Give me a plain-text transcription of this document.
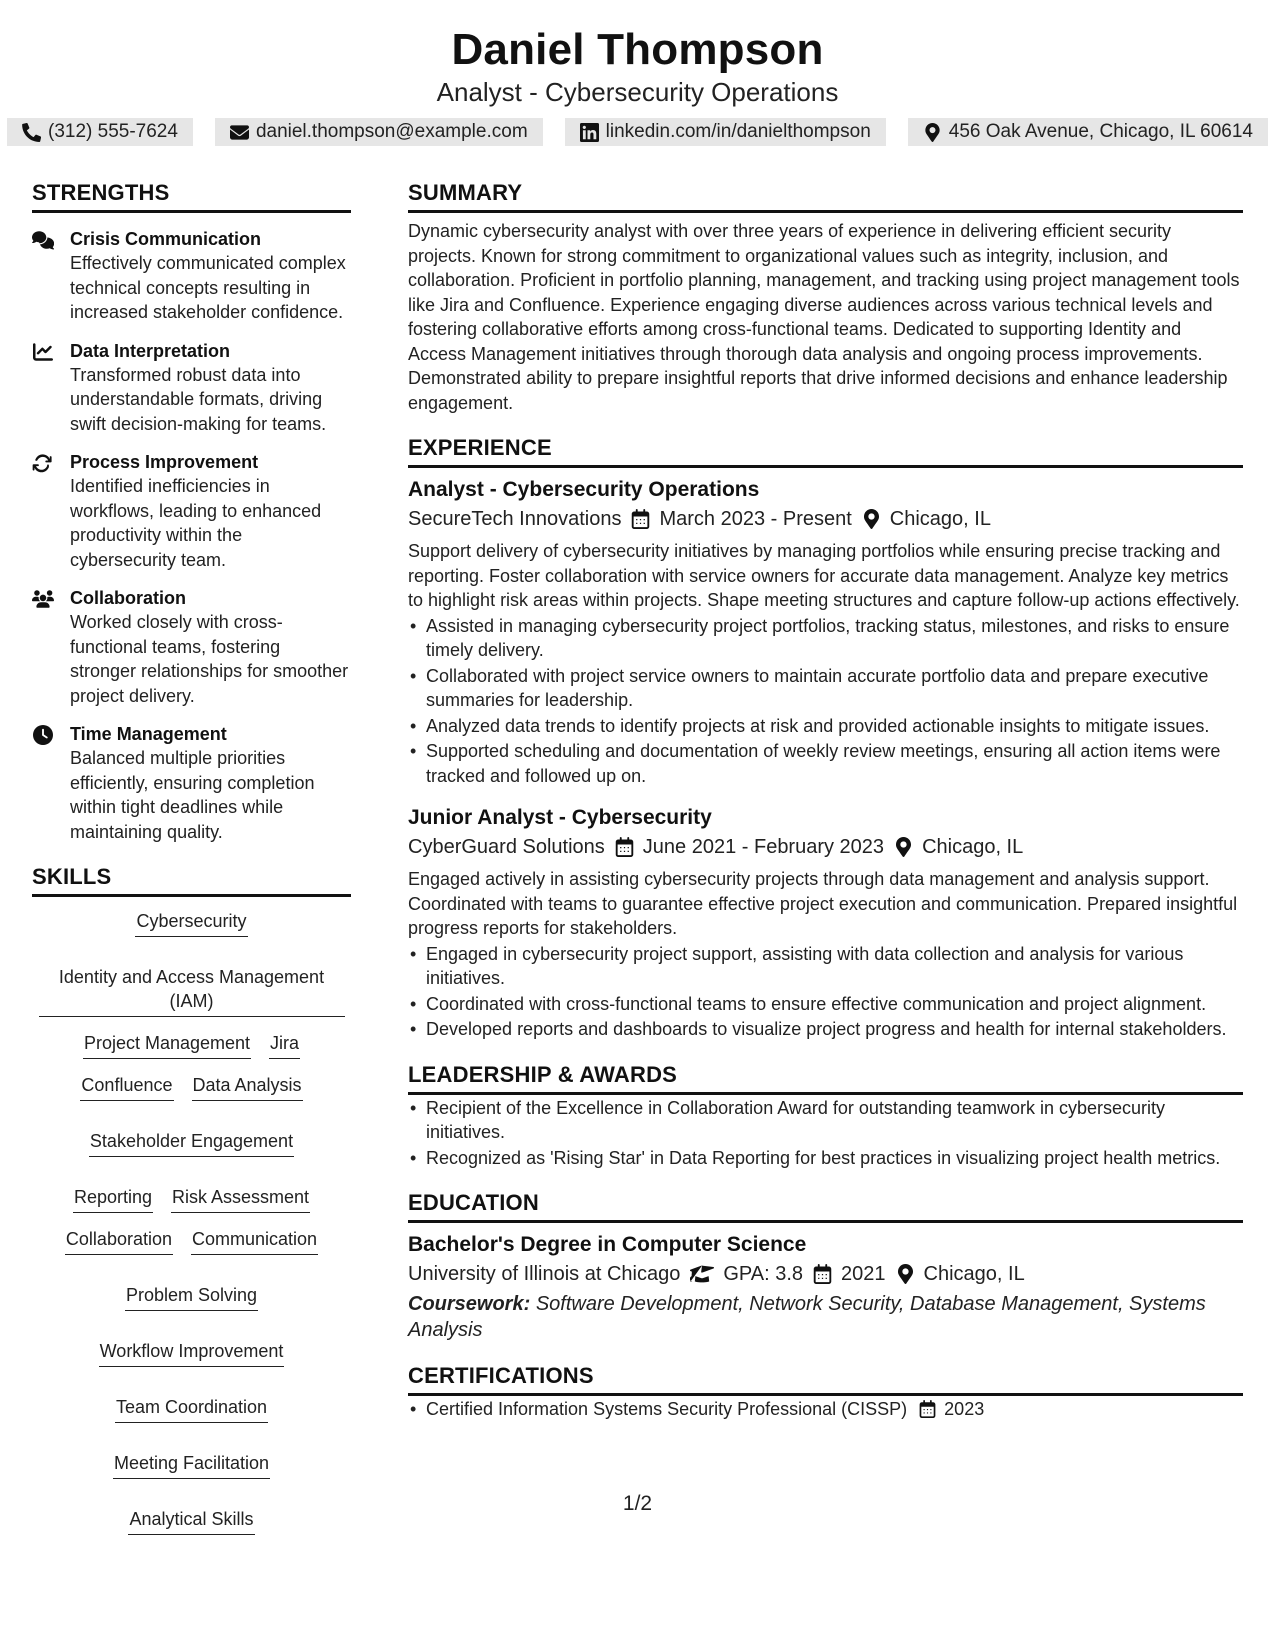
Daniel Thompson
Analyst - Cybersecurity Operations
(312) 555-7624	daniel.thompson@example.com	linkedin.com/in/danielthompson	456 Oak Avenue, Chicago, IL 60614
STRENGTHS
Crisis Communication
Effectively communicated complex technical concepts resulting in increased stakeholder confidence.
Data Interpretation
Transformed robust data into understandable formats, driving swift decision-making for teams.
Process Improvement
Identified inefficiencies in workflows, leading to enhanced productivity within the cybersecurity team.
Collaboration
Worked closely with cross-functional teams, fostering stronger relationships for smoother project delivery.
Time Management
Balanced multiple priorities efficiently, ensuring completion within tight deadlines while maintaining quality.
SKILLS
Cybersecurity
Identity and Access Management (IAM)
Project Management Jira
Confluence Data Analysis
Stakeholder Engagement
Reporting Risk Assessment
Collaboration Communication
Problem Solving
Workflow Improvement
Team Coordination
Meeting Facilitation
Analytical Skills
SUMMARY
Dynamic cybersecurity analyst with over three years of experience in delivering efficient security projects. Known for strong commitment to organizational values such as integrity, inclusion, and collaboration. Proficient in portfolio planning, management, and tracking using project management tools like Jira and Confluence. Experience engaging diverse audiences across various technical levels and fostering collaborative efforts among cross-functional teams. Dedicated to supporting Identity and Access Management initiatives through thorough data analysis and ongoing process improvements. Demonstrated ability to prepare insightful reports that drive informed decisions and enhance leadership engagement.
EXPERIENCE
Analyst - Cybersecurity Operations
SecureTech Innovations March 2023 - Present Chicago, IL
Support delivery of cybersecurity initiatives by managing portfolios while ensuring precise tracking and reporting. Foster collaboration with service owners for accurate data management. Analyze key metrics to highlight risk areas within projects. Shape meeting structures and capture follow-up actions effectively.
• Assisted in managing cybersecurity project portfolios, tracking status, milestones, and risks to ensure timely delivery.
• Collaborated with project service owners to maintain accurate portfolio data and prepare executive summaries for leadership.
• Analyzed data trends to identify projects at risk and provided actionable insights to mitigate issues.
• Supported scheduling and documentation of weekly review meetings, ensuring all action items were tracked and followed up on.
Junior Analyst - Cybersecurity
CyberGuard Solutions June 2021 - February 2023 Chicago, IL
Engaged actively in assisting cybersecurity projects through data management and analysis support. Coordinated with teams to guarantee effective project execution and communication. Prepared insightful progress reports for stakeholders.
• Engaged in cybersecurity project support, assisting with data collection and analysis for various initiatives.
• Coordinated with cross-functional teams to ensure effective communication and project alignment.
• Developed reports and dashboards to visualize project progress and health for internal stakeholders.
LEADERSHIP & AWARDS
• Recipient of the Excellence in Collaboration Award for outstanding teamwork in cybersecurity initiatives.
• Recognized as 'Rising Star' in Data Reporting for best practices in visualizing project health metrics.
EDUCATION
Bachelor's Degree in Computer Science
University of Illinois at Chicago GPA: 3.8 2021 Chicago, IL
Coursework: Software Development, Network Security, Database Management, Systems Analysis
CERTIFICATIONS
• Certified Information Systems Security Professional (CISSP) 2023
1/2
